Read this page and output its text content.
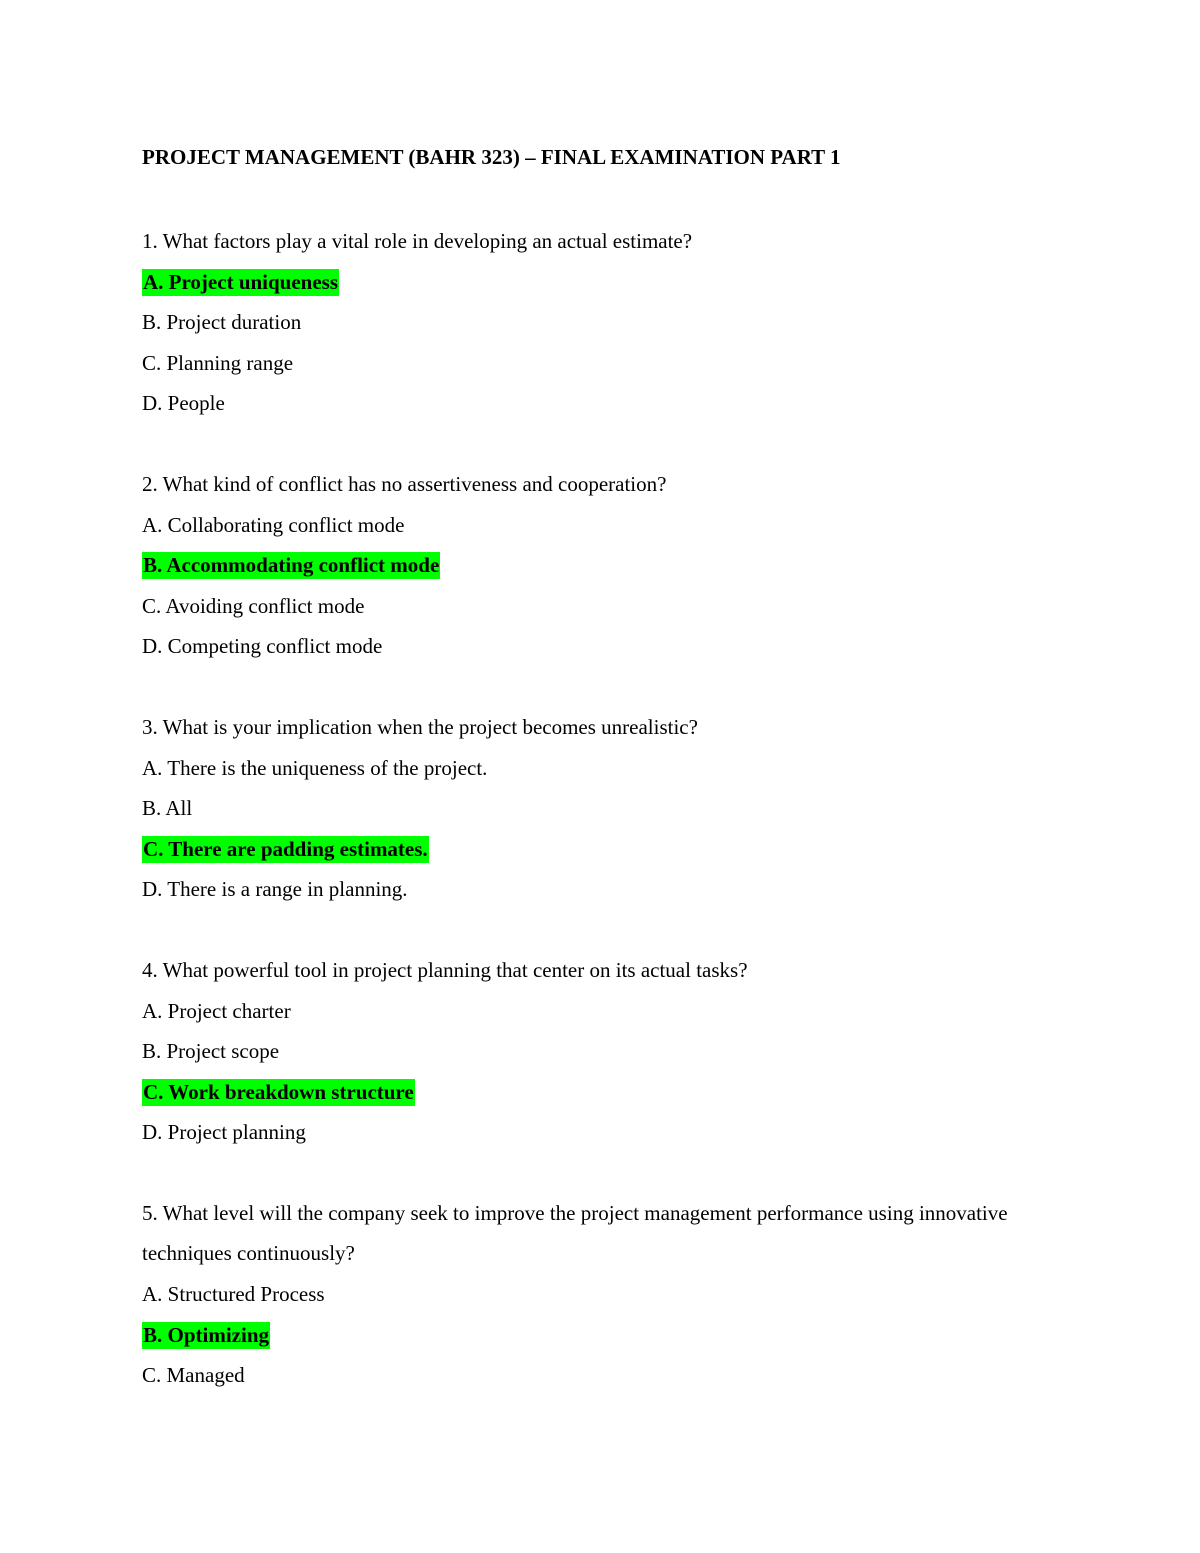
PROJECT MANAGEMENT (BAHR 323) – FINAL EXAMINATION PART 1
1. What factors play a vital role in developing an actual estimate?
A. Project uniqueness
B. Project duration
C. Planning range
D. People
2. What kind of conflict has no assertiveness and cooperation?
A. Collaborating conflict mode
B. Accommodating conflict mode
C. Avoiding conflict mode
D. Competing conflict mode
3. What is your implication when the project becomes unrealistic?
A. There is the uniqueness of the project.
B. All
C. There are padding estimates.
D. There is a range in planning.
4. What powerful tool in project planning that center on its actual tasks?
A. Project charter
B. Project scope
C. Work breakdown structure
D. Project planning
5. What level will the company seek to improve the project management performance using innovative techniques continuously?
A. Structured Process
B. Optimizing
C. Managed
